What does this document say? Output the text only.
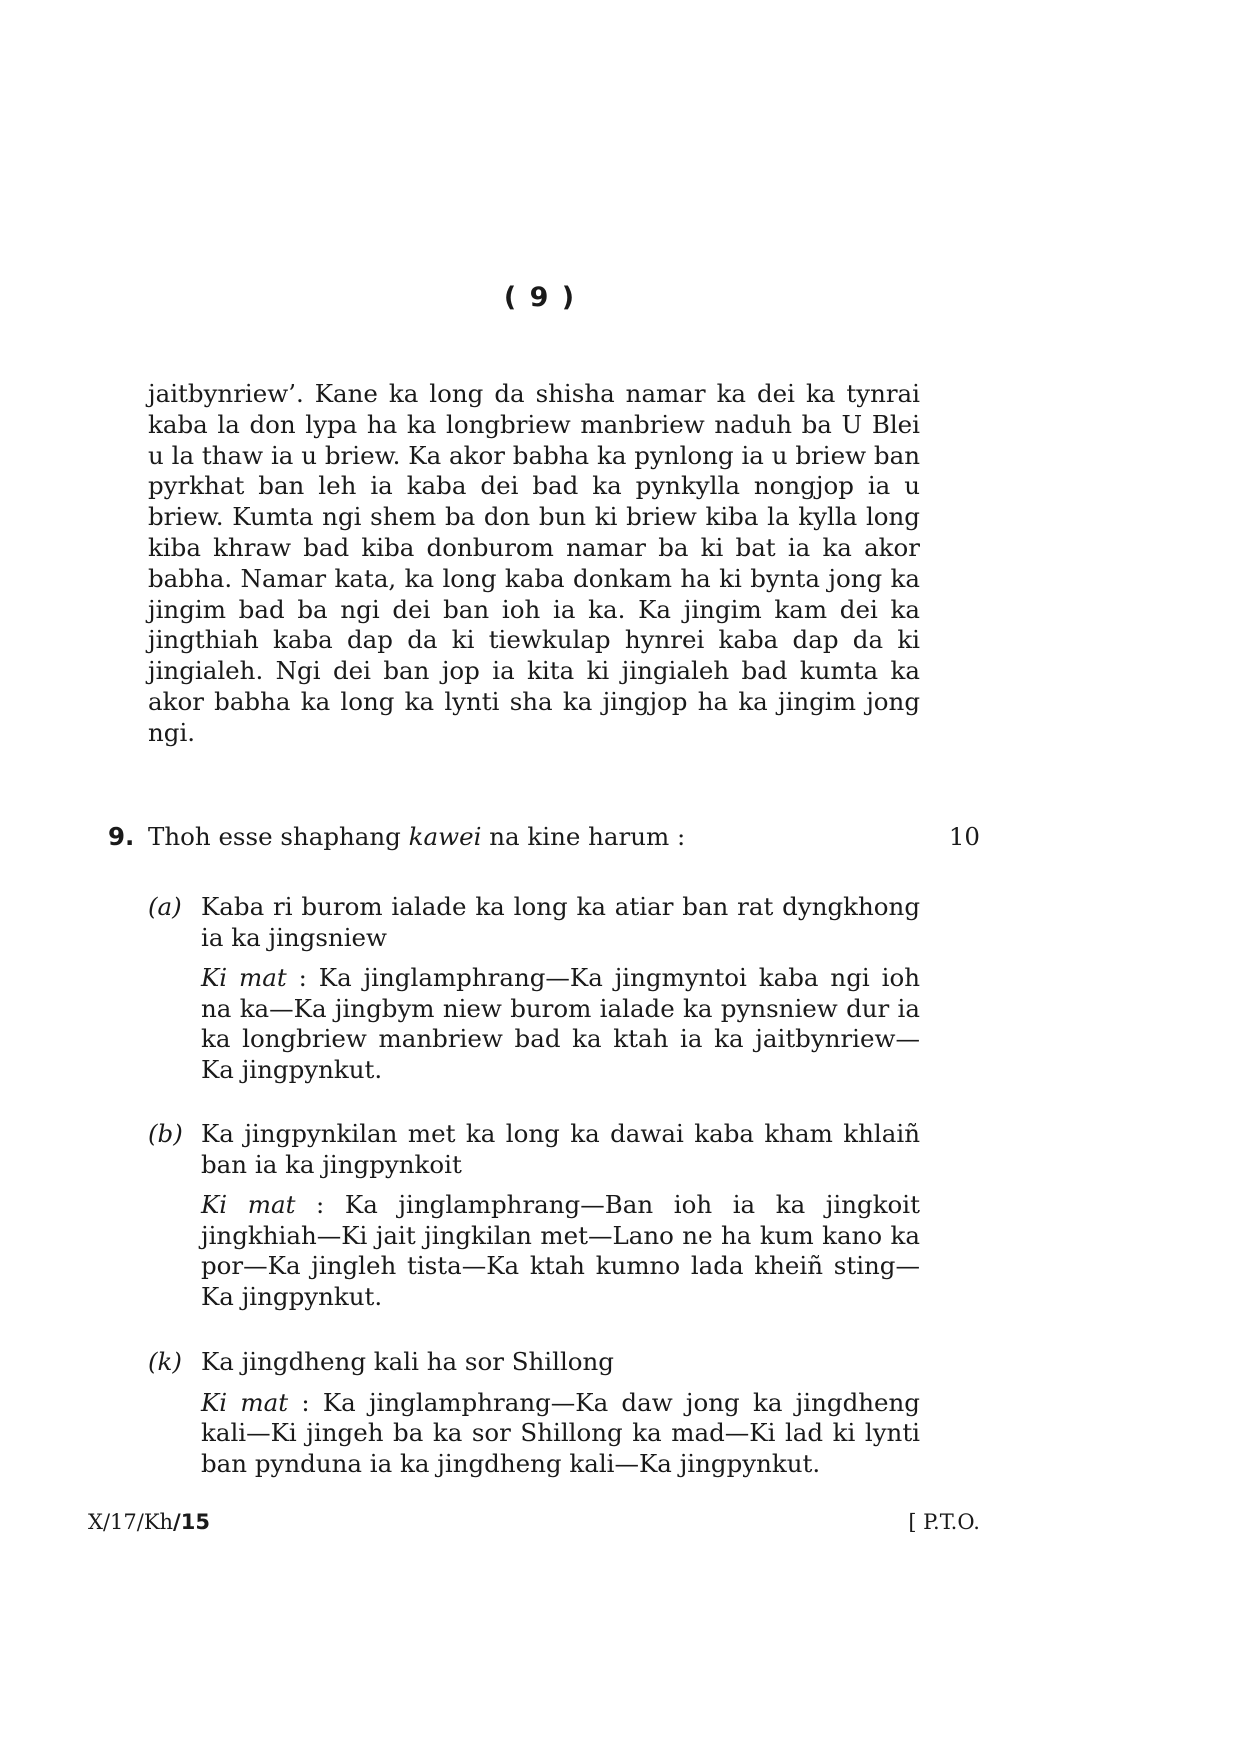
( 9 )

jaitbynriew’. Kane ka long da shisha namar ka dei ka tynrai kaba la don lypa ha ka longbriew manbriew naduh ba U Blei u la thaw ia u briew. Ka akor babha ka pynlong ia u briew ban pyrkhat ban leh ia kaba dei bad ka pynkylla nongjop ia u briew. Kumta ngi shem ba don bun ki briew kiba la kylla long kiba khraw bad kiba donburom namar ba ki bat ia ka akor babha. Namar kata, ka long kaba donkam ha ki bynta jong ka jingim bad ba ngi dei ban ioh ia ka. Ka jingim kam dei ka jingthiah kaba dap da ki tiewkulap hynrei kaba dap da ki jingialeh. Ngi dei ban jop ia kita ki jingialeh bad kumta ka akor babha ka long ka lynti sha ka jingjop ha ka jingim jong ngi.

9. Thoh esse shaphang kawei na kine harum :	10
(a) Kaba ri burom ialade ka long ka atiar ban rat dyngkhong ia ka jingsniew

Ki mat : Ka jinglamphrang—Ka jingmyntoi kaba ngi ioh na ka—Ka jingbym niew burom ialade ka pynsniew dur ia ka longbriew manbriew bad ka ktah ia ka jaitbynriew—Ka jingpynkut.

(b) Ka jingpynkilan met ka long ka dawai kaba kham khlaiñ ban ia ka jingpynkoit

Ki mat : Ka jinglamphrang—Ban ioh ia ka jingkoit jingkhiah—Ki jait jingkilan met—Lano ne ha kum kano ka por—Ka jingleh tista—Ka ktah kumno lada kheiñ sting—Ka jingpynkut.

(k) Ka jingdheng kali ha sor Shillong

Ki mat : Ka jinglamphrang—Ka daw jong ka jingdheng kali—Ki jingeh ba ka sor Shillong ka mad—Ki lad ki lynti ban pynduna ia ka jingdheng kali—Ka jingpynkut.

X/17/Kh/15	[ P.T.O.
